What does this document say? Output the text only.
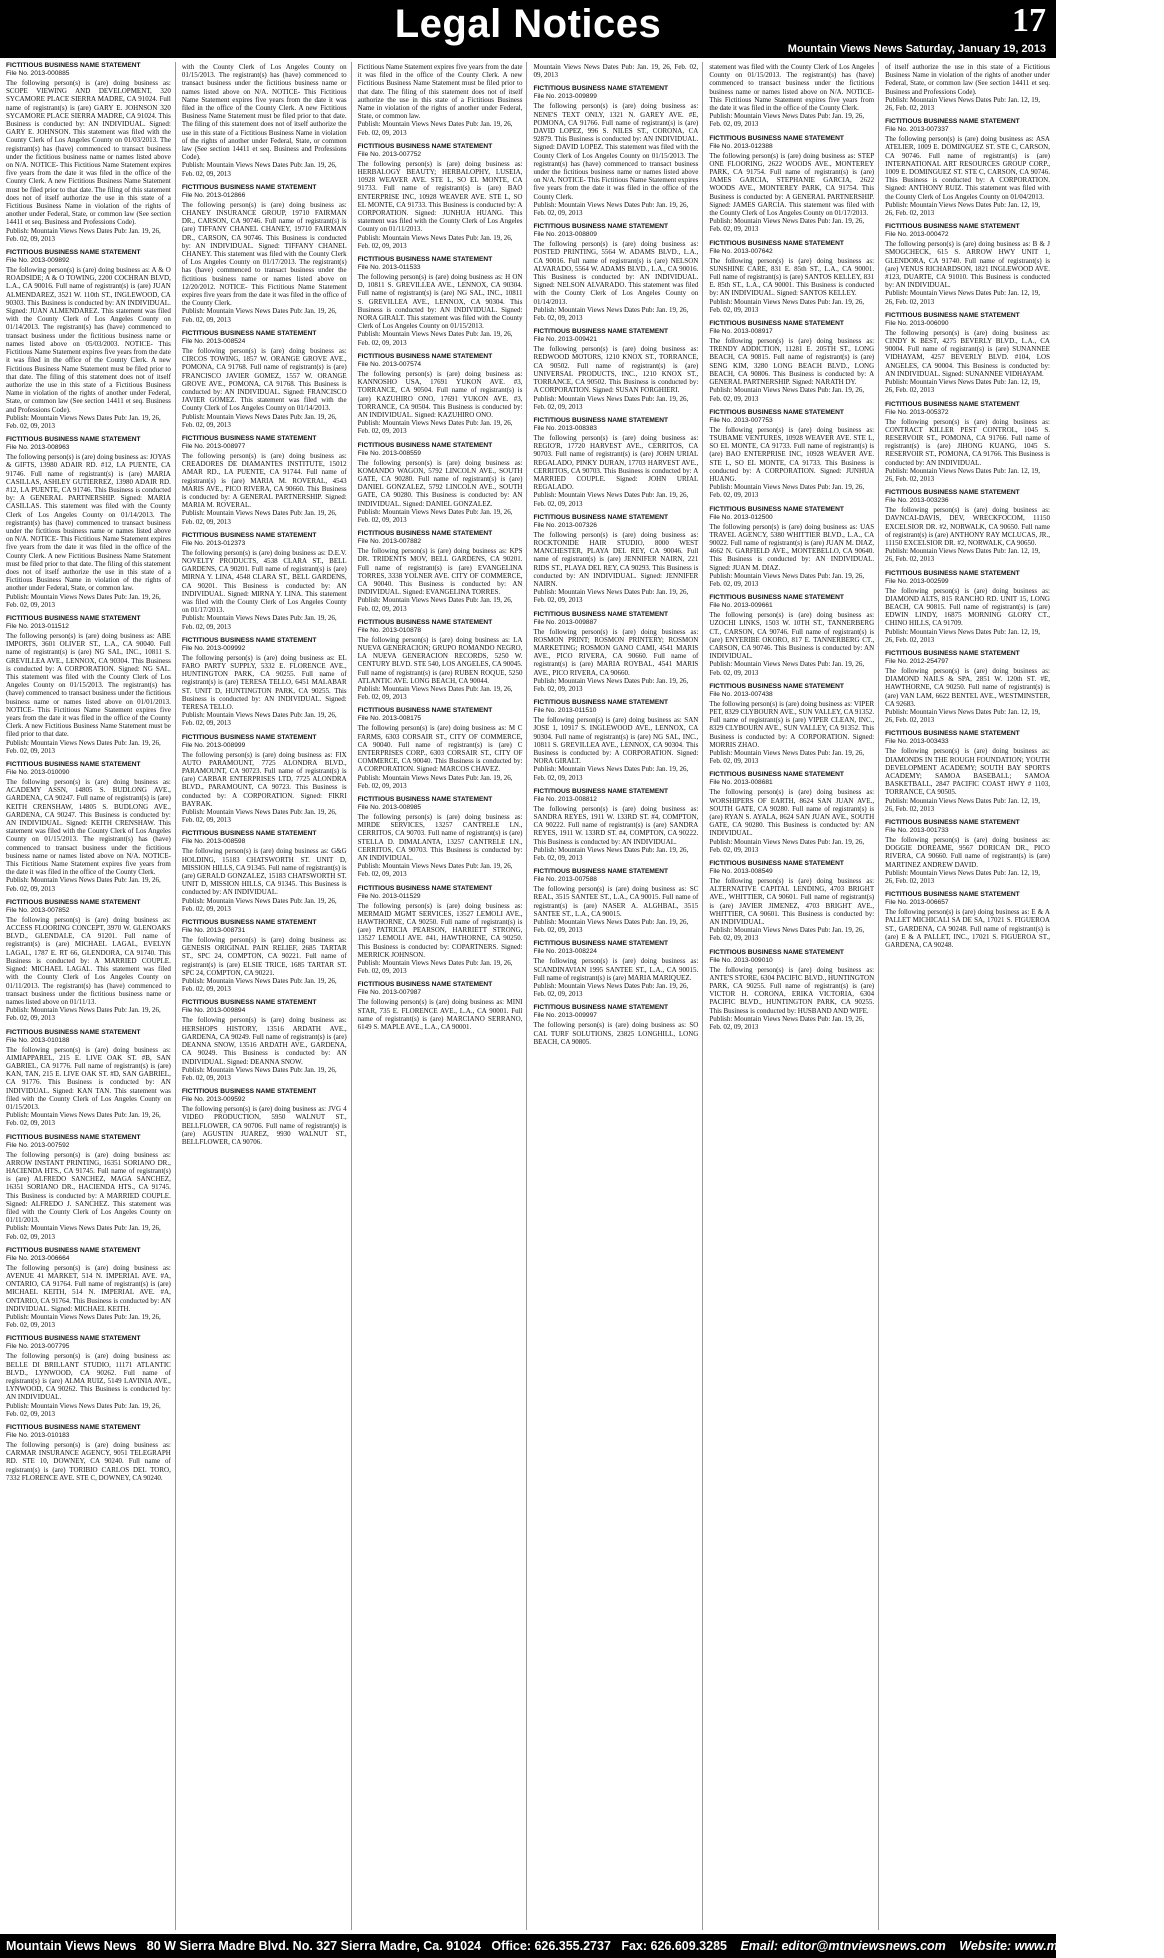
Legal Notices	17
Mountain Views News Saturday, January 19, 2013
FICTITIOUS BUSINESS NAME STATEMENT
File No. 2013-000885
The following person(s) is (are) doing business as: SCOPE VIEWING AND DEVELOPMENT, 320 SYCAMORE PLACE SIERRA MADRE, CA 91024. Full name of registrant(s) is (are) GARY E. JOHNSON 320 SYCAMORE PLACE SIERRA MADRE, CA 91024. This Business is conducted by: AN INDIVIDUAL. Signed: GARY E. JOHNSON. This statement was filed with the County Clerk of Los Angeles County on 01/03/2013. The registrant(s) has (have) commenced to transact business under the fictitious business name or names listed above on N/A. NOTICE- This Fictitious Name Statement expires five years from the date it was filed in the office of the County Clerk. A new Fictitious Business Name Statement must be filed prior to that date. The filing of this statement does not of itself authorize the use in this state of a Fictitious Business Name in violation of the rights of another under Federal, State, or common law (See section 14411 et seq. Business and Professions Code).
Publish: Mountain Views News Dates Pub: Jan. 19, 26, Feb. 02, 09, 2013
FICTITIOUS BUSINESS NAME STATEMENT
File No. 2013-009892
The following person(s) is (are) doing business as: A & O ROADSIDE; A & O TOWING, 2200 COCHRAN BLVD, L.A., CA 90016. Full name of registrant(s) is (are) JUAN ALMENDAREZ, 3521 W. 110th ST., INGLEWOOD, CA 90303. This Business is conducted by: AN INDIVIDUAL. Signed: JUAN ALMENDAREZ. This statement was filed with the County Clerk of Los Angeles County on 01/14/2013. The registrant(s) has (have) commenced to transact business under the fictitious business name or names listed above on 05/03/2003. NOTICE- This Fictitious Name Statement expires five years from the date it was filed in the office of the County Clerk. A new Fictitious Business Name Statement must be filed prior to that date. The filing of this statement does not of itself authorize the use in this state of a Fictitious Business Name in violation of the rights of another under Federal, State, or common law (See section 14411 et seq. Business and Professions Code).
Publish: Mountain Views News Dates Pub: Jan. 19, 26, Feb. 02, 09, 2013
FICTITIOUS BUSINESS NAME STATEMENT
File No. 2013-008963
The following person(s) is (are) doing business as: JOYAS & GIFTS, 13980 ADAIR RD. #12, LA PUENTE, CA 91746. Full name of registrant(s) is (are) MARIA CASILLAS, ASHLEY GUTIERREZ, 13980 ADAIR RD. #12, LA PUENTE, CA 91746. This Business is conducted by: A GENERAL PARTNERSHIP. Signed: MARIA CASILLAS. This statement was filed with the County Clerk of Los Angeles County on 01/14/2013. The registrant(s) has (have) commenced to transact business under the fictitious business name or names listed above on N/A. NOTICE- This Fictitious Name Statement expires five years from the date it was filed in the office of the County Clerk. A new Fictitious Business Name Statement must be filed prior to that date. The filing of this statement does not of itself authorize the use in this state of a Fictitious Business Name in violation of the rights of another under Federal, State, or common law.
Publish: Mountain Views News Dates Pub: Jan. 19, 26, Feb. 02, 09, 2013
FICTITIOUS BUSINESS NAME STATEMENT
File No. 2013-011512
The following person(s) is (are) doing business as: ABE IMPORTS, 3601 OLIVER ST., L.A., CA 90040. Full name of registrant(s) is (are) NG SAL, INC., 10811 S. GREVILLEA AVE., LENNOX, CA 90304. This Business is conducted by: A CORPORATION. Signed: NG SAL. This statement was filed with the County Clerk of Los Angeles County on 01/15/2013. The registrant(s) has (have) commenced to transact business under the fictitious business name or names listed above on 01/01/2013. NOTICE- This Fictitious Name Statement expires five years from the date it was filed in the office of the County Clerk. A new Fictitious Business Name Statement must be filed prior to that date.
Publish: Mountain Views News Dates Pub: Jan. 19, 26, Feb. 02, 09, 2013
FICTITIOUS BUSINESS NAME STATEMENT
File No. 2013-010090
The following person(s) is (are) doing business as: ACADEMY ASSN, 14805 S. BUDLONG AVE., GARDENA, CA 90247. Full name of registrant(s) is (are) KEITH CRENSHAW, 14805 S. BUDLONG AVE., GARDENA, CA 90247. This Business is conducted by: AN INDIVIDUAL. Signed: KEITH CRENSHAW. This statement was filed with the County Clerk of Los Angeles County on 01/15/2013. The registrant(s) has (have) commenced to transact business under the fictitious business name or names listed above on N/A. NOTICE- This Fictitious Name Statement expires five years from the date it was filed in the office of the County Clerk.
Publish: Mountain Views News Dates Pub: Jan. 19, 26, Feb. 02, 09, 2013
FICTITIOUS BUSINESS NAME STATEMENT
File No. 2013-007852
The following person(s) is (are) doing business as: ACCESS FLOORING CONCEPT, 3970 W. GLENOAKS BLVD., GLENDALE, CA 91201. Full name of registrant(s) is (are) MICHAEL LAGAL, EVELYN LAGAL, 1787 E. RT 66, GLENDORA, CA 91740. This Business is conducted by: A MARRIED COUPLE. Signed: MICHAEL LAGAL. This statement was filed with the County Clerk of Los Angeles County on 01/11/2013. The registrant(s) has (have) commenced to transact business under the fictitious business name or names listed above on 01/11/13.
Publish: Mountain Views News Dates Pub: Jan. 19, 26, Feb. 02, 09, 2013
FICTITIOUS BUSINESS NAME STATEMENT
File No. 2013-010188
The following person(s) is (are) doing business as: AIMIAPPAREL, 215 E. LIVE OAK ST. #B, SAN GABRIEL, CA 91776. Full name of registrant(s) is (are) KAN, TAN, 215 E. LIVE OAK ST. #D, SAN GABRIEL, CA 91776. This Business is conducted by: AN INDIVIDUAL. Signed: KAN TAN. This statement was filed with the County Clerk of Los Angeles County on 01/15/2013.
Publish: Mountain Views News Dates Pub: Jan. 19, 26, Feb. 02, 09, 2013
FICTITIOUS BUSINESS NAME STATEMENT
File No. 2013-007592
The following person(s) is (are) doing business as: ARROW INSTANT PRINTING, 16351 SORIANO DR., HACIENDA HTS., CA 91745. Full name of registrant(s) is (are) ALFREDO SANCHEZ, MAGA SANCHEZ, 16351 SORIANO DR., HACIENDA HTS., CA 91745. This Business is conducted by: A MARRIED COUPLE. Signed: ALFREDO J. SANCHEZ. This statement was filed with the County Clerk of Los Angeles County on 01/11/2013.
Publish: Mountain Views News Dates Pub: Jan. 19, 26, Feb. 02, 09, 2013
FICTITIOUS BUSINESS NAME STATEMENT
File No. 2013-006664
The following person(s) is (are) doing business as: AVENUE 41 MARKET, 514 N. IMPERIAL AVE. #A, ONTARIO, CA 91764. Full name of registrant(s) is (are) MICHAEL KEITH, 514 N. IMPERIAL AVE. #A, ONTARIO, CA 91764. This Business is conducted by: AN INDIVIDUAL. Signed: MICHAEL KEITH.
Publish: Mountain Views News Dates Pub: Jan. 19, 26, Feb. 02, 09, 2013
FICTITIOUS BUSINESS NAME STATEMENT
File No. 2013-007795
The following person(s) is (are) doing business as: BELLE DI BRILLANT STUDIO, 11171 ATLANTIC BLVD., LYNWOOD, CA 90262. Full name of registrant(s) is (are) ALMA RUIZ, 5149 LAVINIA AVE., LYNWOOD, CA 90262. This Business is conducted by: AN INDIVIDUAL.
Publish: Mountain Views News Dates Pub: Jan. 19, 26, Feb. 02, 09, 2013
FICTITIOUS BUSINESS NAME STATEMENT
File No. 2013-010183
The following person(s) is (are) doing business as: CARMAR INSURANCE AGENCY, 9051 TELEGRAPH RD. STE 10, DOWNEY, CA 90240. Full name of registrant(s) is (are) TORIBIO CARLOS DEL TORO, 7332 FLORENCE AVE. STE C, DOWNEY, CA 90240.
with the County Clerk of Los Angeles County on 01/15/2013. The registrant(s) has (have) commenced to transact business under the fictitious business name or names listed above on N/A. NOTICE- This Fictitious Name Statement expires five years from the date it was filed in the office of the County Clerk. A new Fictitious Business Name Statement must be filed prior to that date. The filing of this statement does not of itself authorize the use in this state of a Fictitious Business Name in violation of the rights of another under Federal, State, or common law (See section 14411 et seq. Business and Professions Code).
Publish: Mountain Views News Dates Pub: Jan. 19, 26, Feb. 02, 09, 2013
FICTITIOUS BUSINESS NAME STATEMENT
File No. 2013-012866
The following person(s) is (are) doing business as: CHANEY INSURANCE GROUP, 19710 FAIRMAN DR., CARSON, CA 90746. Full name of registrant(s) is (are) TIFFANY CHANEL CHANEY, 19710 FAIRMAN DR., CARSON, CA 90746. This Business is conducted by: AN INDIVIDUAL. Signed: TIFFANY CHANEL CHANEY. This statement was filed with the County Clerk of Los Angeles County on 01/17/2013. The registrant(s) has (have) commenced to transact business under the fictitious business name or names listed above on 12/20/2012. NOTICE- This Fictitious Name Statement expires five years from the date it was filed in the office of the County Clerk.
Publish: Mountain Views News Dates Pub: Jan. 19, 26, Feb. 02, 09, 2013
FICTITIOUS BUSINESS NAME STATEMENT
File No. 2013-008524
The following person(s) is (are) doing business as: CIRCOS TOWING, 1857 W. ORANGE GROVE AVE., POMONA, CA 91768. Full name of registrant(s) is (are) FRANCISCO JAVIER GOMEZ, 1557 W. ORANGE GROVE AVE., POMONA, CA 91768. This Business is conducted by: AN INDIVIDUAL. Signed: FRANCISCO JAVIER GOMEZ. This statement was filed with the County Clerk of Los Angeles County on 01/14/2013.
Publish: Mountain Views News Dates Pub: Jan. 19, 26, Feb. 02, 09, 2013
FICTITIOUS BUSINESS NAME STATEMENT
File No. 2013-008977
The following person(s) is (are) doing business as: CREADORES DE DIAMANTES INSTITUTE, 15012 AMAR RD., LA PUENTE, CA 91744. Full name of registrant(s) is (are) MARIA M. ROVERAL, 4543 MARIS AVE., PICO RIVERA, CA 90660. This Business is conducted by: A GENERAL PARTNERSHIP. Signed: MARIA M. ROVERAL.
Publish: Mountain Views News Dates Pub: Jan. 19, 26, Feb. 02, 09, 2013
FICTITIOUS BUSINESS NAME STATEMENT
File No. 2013-012373
The following person(s) is (are) doing business as: D.E.V. NOVELTY PRODUCTS, 4538 CLARA ST., BELL GARDENS, CA 90201. Full name of registrant(s) is (are) MIRNA Y. LINA, 4548 CLARA ST., BELL GARDENS, CA 90201. This Business is conducted by: AN INDIVIDUAL. Signed: MIRNA Y. LINA. This statement was filed with the County Clerk of Los Angeles County on 01/17/2013.
Publish: Mountain Views News Dates Pub: Jan. 19, 26, Feb. 02, 09, 2013
FICTITIOUS BUSINESS NAME STATEMENT
File No. 2013-009992
The following person(s) is (are) doing business as: EL FARO PARTY SUPPLY, 5332 E. FLORENCE AVE., HUNTINGTON PARK, CA 90255. Full name of registrant(s) is (are) TERESA TELLO, 6451 MALABAR ST. UNIT D, HUNTINGTON PARK, CA 90255. This Business is conducted by: AN INDIVIDUAL. Signed: TERESA TELLO.
Publish: Mountain Views News Dates Pub: Jan. 19, 26, Feb. 02, 09, 2013
FICTITIOUS BUSINESS NAME STATEMENT
File No. 2013-008999
The following person(s) is (are) doing business as: FIX AUTO PARAMOUNT, 7725 ALONDRA BLVD., PARAMOUNT, CA 90723. Full name of registrant(s) is (are) CARBAR ENTERPRISES LTD, 7725 ALONDRA BLVD., PARAMOUNT, CA 90723. This Business is conducted by: A CORPORATION. Signed: FIKRI BAYRAK.
Publish: Mountain Views News Dates Pub: Jan. 19, 26, Feb. 02, 09, 2013
FICTITIOUS BUSINESS NAME STATEMENT
File No. 2013-008598
The following person(s) is (are) doing business as: G&G HOLDING, 15183 CHATSWORTH ST. UNIT D, MISSION HILLS, CA 91345. Full name of registrant(s) is (are) GERALD GONZALEZ, 15183 CHATSWORTH ST. UNIT D, MISSION HILLS, CA 91345. This Business is conducted by: AN INDIVIDUAL.
Publish: Mountain Views News Dates Pub: Jan. 19, 26, Feb. 02, 09, 2013
FICTITIOUS BUSINESS NAME STATEMENT
File No. 2013-008731
The following person(s) is (are) doing business as: GENESIS ORIGINAL PAIN RELIEF, 2685 TARTAR ST., SPC 24, COMPTON, CA 90221. Full name of registrant(s) is (are) ELSIE TRICE, 1685 TARTAR ST. SPC 24, COMPTON, CA 90221.
Publish: Mountain Views News Dates Pub: Jan. 19, 26, Feb. 02, 09, 2013
FICTITIOUS BUSINESS NAME STATEMENT
File No. 2013-009894
The following person(s) is (are) doing business as: HERSHOPS HISTORY, 13516 ARDATH AVE., GARDENA, CA 90249. Full name of registrant(s) is (are) DEANNA SNOW, 13516 ARDATH AVE., GARDENA, CA 90249. This Business is conducted by: AN INDIVIDUAL. Signed: DEANNA SNOW.
Publish: Mountain Views News Dates Pub: Jan. 19, 26, Feb. 02, 09, 2013
FICTITIOUS BUSINESS NAME STATEMENT
File No. 2013-009592
The following person(s) is (are) doing business as: JVG 4 VIDEO PRODUCTION, 5950 WALNUT ST., BELLFLOWER, CA 90706. Full name of registrant(s) is (are) AGUSTIN JUAREZ, 9930 WALNUT ST., BELLFLOWER, CA 90706.
Fictitious Name Statement expires five years from the date it was filed in the office of the County Clerk. A new Fictitious Business Name Statement must be filed prior to that date. The filing of this statement does not of itself authorize the use in this state of a Fictitious Business Name in violation of the rights of another under Federal, State, or common law.
Publish: Mountain Views News Dates Pub: Jan. 19, 26, Feb. 02, 09, 2013
FICTITIOUS BUSINESS NAME STATEMENT
File No. 2013-007752
The following person(s) is (are) doing business as: HERBALOGY BEAUTY; HERBALOPHY, LUSEIA, 10928 WEAVER AVE. STE L, SO EL MONTE, CA 91733. Full name of registrant(s) is (are) BAO ENTERPRISE INC, 10928 WEAVER AVE. STE L, SO EL MONTE, CA 91733. This Business is conducted by: A CORPORATION. Signed: JUNHUA HUANG. This statement was filed with the County Clerk of Los Angeles County on 01/11/2013.
Publish: Mountain Views News Dates Pub: Jan. 19, 26, Feb. 02, 09, 2013
FICTITIOUS BUSINESS NAME STATEMENT
File No. 2013-011533
The following person(s) is (are) doing business as: H ON D, 10811 S. GREVILLEA AVE., LENNOX, CA 90304. Full name of registrant(s) is (are) NG SAL, INC., 10811 S. GREVILLEA AVE., LENNOX, CA 90304. This Business is conducted by: AN INDIVIDUAL. Signed: NORA GIRALT. This statement was filed with the County Clerk of Los Angeles County on 01/15/2013.
Publish: Mountain Views News Dates Pub: Jan. 19, 26, Feb. 02, 09, 2013
FICTITIOUS BUSINESS NAME STATEMENT
File No. 2013-007574
The following person(s) is (are) doing business as: KANNOSHO USA, 17691 YUKON AVE. #3, TORRANCE, CA 90504. Full name of registrant(s) is (are) KAZUHIRO ONO, 17691 YUKON AVE. #3, TORRANCE, CA 90504. This Business is conducted by: AN INDIVIDUAL. Signed: KAZUHIRO ONO.
Publish: Mountain Views News Dates Pub: Jan. 19, 26, Feb. 02, 09, 2013
FICTITIOUS BUSINESS NAME STATEMENT
File No. 2013-008559
The following person(s) is (are) doing business as: KOMANDO WAGON, 5792 LINCOLN AVE., SOUTH GATE, CA 90280. Full name of registrant(s) is (are) DANIEL GONZALEZ, 5792 LINCOLN AVE., SOUTH GATE, CA 90280. This Business is conducted by: AN INDIVIDUAL. Signed: DANIEL GONZALEZ.
Publish: Mountain Views News Dates Pub: Jan. 19, 26, Feb. 02, 09, 2013
FICTITIOUS BUSINESS NAME STATEMENT
File No. 2013-007882
The following person(s) is (are) doing business as: KPS DR. TRIDENTS MOV, BELL GARDENS, CA 90201. Full name of registrant(s) is (are) EVANGELINA TORRES, 3338 YOLNER AVE. CITY OF COMMERCE, CA 90040. This Business is conducted by: AN INDIVIDUAL. Signed: EVANGELINA TORRES.
Publish: Mountain Views News Dates Pub: Jan. 19, 26, Feb. 02, 09, 2013
FICTITIOUS BUSINESS NAME STATEMENT
File No. 2013-010878
The following person(s) is (are) doing business as: LA NUEVA GENERACION; GRUPO ROMANDO NEGRO, LA NUEVA GENERACION RECORDS, 5250 W. CENTURY BLVD. STE 540, LOS ANGELES, CA 90045. Full name of registrant(s) is (are) RUBEN ROQUE, 5250 ATLANTIC AVE. LONG BEACH, CA 90044.
Publish: Mountain Views News Dates Pub: Jan. 19, 26, Feb. 02, 09, 2013
FICTITIOUS BUSINESS NAME STATEMENT
File No. 2013-008175
The following person(s) is (are) doing business as: M C FARMS, 6303 CORSAIR ST., CITY OF COMMERCE, CA 90040. Full name of registrant(s) is (are) C ENTERPRISES CORP., 6303 CORSAIR ST., CITY OF COMMERCE, CA 90040. This Business is conducted by: A CORPORATION. Signed: MARCOS CHAVEZ.
Publish: Mountain Views News Dates Pub: Jan. 19, 26, Feb. 02, 09, 2013
FICTITIOUS BUSINESS NAME STATEMENT
File No. 2013-008985
The following person(s) is (are) doing business as: MIRDE SERVICES, 13257 CANTRELE LN., CERRITOS, CA 90703. Full name of registrant(s) is (are) STELLA D. DIMALANTA, 13257 CANTRELE LN., CERRITOS, CA 90703. This Business is conducted by: AN INDIVIDUAL.
Publish: Mountain Views News Dates Pub: Jan. 19, 26, Feb. 02, 09, 2013
FICTITIOUS BUSINESS NAME STATEMENT
File No. 2013-011529
The following person(s) is (are) doing business as: MERMAID MGMT SERVICES, 13527 LEMOLI AVE., HAWTHORNE, CA 90250. Full name of registrant(s) is (are) PATRICIA PEARSON, HARRIETT STRONG, 13527 LEMOLI AVE. #41, HAWTHORNE, CA 90250. This Business is conducted by: COPARTNERS. Signed: MERRICK JOHNSON.
Publish: Mountain Views News Dates Pub: Jan. 19, 26, Feb. 02, 09, 2013
FICTITIOUS BUSINESS NAME STATEMENT
File No. 2013-007987
The following person(s) is (are) doing business as: MINI STAR, 735 E. FLORENCE AVE., L.A., CA 90001. Full name of registrant(s) is (are) MARCIANO SERRANO, 6149 S. MAPLE AVE., L.A., CA 90001.
Mountain Views News Dates Pub: Jan. 19, 26, Feb. 02, 09, 2013
FICTITIOUS BUSINESS NAME STATEMENT
File No. 2013-009899
The following person(s) is (are) doing business as: NENE'S TEXT ONLY, 1321 N. GAREY AVE. #E, POMONA, CA 91766. Full name of registrant(s) is (are) DAVID LOPEZ, 996 S. NILES ST., CORONA, CA 92879. This Business is conducted by: AN INDIVIDUAL. Signed: DAVID LOPEZ. This statement was filed with the County Clerk of Los Angeles County on 01/15/2013. The registrant(s) has (have) commenced to transact business under the fictitious business name or names listed above on N/A. NOTICE- This Fictitious Name Statement expires five years from the date it was filed in the office of the County Clerk.
Publish: Mountain Views News Dates Pub: Jan. 19, 26, Feb. 02, 09, 2013
FICTITIOUS BUSINESS NAME STATEMENT
File No. 2013-008809
The following person(s) is (are) doing business as: POSTED PRINTING, 5564 W. ADAMS BLVD., L.A., CA 90016. Full name of registrant(s) is (are) NELSON ALVARADO, 5564 W. ADAMS BLVD., L.A., CA 90016. This Business is conducted by: AN INDIVIDUAL. Signed: NELSON ALVARADO. This statement was filed with the County Clerk of Los Angeles County on 01/14/2013.
Publish: Mountain Views News Dates Pub: Jan. 19, 26, Feb. 02, 09, 2013
FICTITIOUS BUSINESS NAME STATEMENT
File No. 2013-009421
The following person(s) is (are) doing business as: REDWOOD MOTORS, 1210 KNOX ST., TORRANCE, CA 90502. Full name of registrant(s) is (are) UNIVERSAL PRODUCTS, INC., 1210 KNOX ST., TORRANCE, CA 90502. This Business is conducted by: A CORPORATION. Signed: SUSAN FORGHIERI.
Publish: Mountain Views News Dates Pub: Jan. 19, 26, Feb. 02, 09, 2013
FICTITIOUS BUSINESS NAME STATEMENT
File No. 2013-008383
The following person(s) is (are) doing business as: REGIO'R, 17720 HARVEST AVE., CERRITOS, CA 90703. Full name of registrant(s) is (are) JOHN URIAL REGALADO, PINKY DURAN, 17703 HARVEST AVE., CERRITOS, CA 90703. This Business is conducted by: A MARRIED COUPLE. Signed: JOHN URIAL REGALADO.
Publish: Mountain Views News Dates Pub: Jan. 19, 26, Feb. 02, 09, 2013
FICTITIOUS BUSINESS NAME STATEMENT
File No. 2013-007326
The following person(s) is (are) doing business as: ROCKTONIDE HAIR STUDIO, 8000 WEST MANCHESTER, PLAYA DEL REY, CA 90046. Full name of registrant(s) is (are) JENNIFER NAIRN, 221 RIDS ST., PLAYA DEL REY, CA 90293. This Business is conducted by: AN INDIVIDUAL. Signed: JENNIFER NAIRN.
Publish: Mountain Views News Dates Pub: Jan. 19, 26, Feb. 02, 09, 2013
FICTITIOUS BUSINESS NAME STATEMENT
File No. 2013-009887
The following person(s) is (are) doing business as: ROSMON PRINT; ROSMON PRINTERY; ROSMON MARKETING; ROSMON GANO CAMI, 4541 MARIS AVE., PICO RIVERA, CA 90660. Full name of registrant(s) is (are) MARIA ROYBAL, 4541 MARIS AVE., PICO RIVERA, CA 90660.
Publish: Mountain Views News Dates Pub: Jan. 19, 26, Feb. 02, 09, 2013
FICTITIOUS BUSINESS NAME STATEMENT
File No. 2013-011510
The following person(s) is (are) doing business as: SAN JOSE 1, 10917 S. INGLEWOOD AVE., LENNOX, CA 90304. Full name of registrant(s) is (are) NG SAL, INC., 10811 S. GREVILLEA AVE., LENNOX, CA 90304. This Business is conducted by: A CORPORATION. Signed: NORA GIRALT.
Publish: Mountain Views News Dates Pub: Jan. 19, 26, Feb. 02, 09, 2013
FICTITIOUS BUSINESS NAME STATEMENT
File No. 2013-008812
The following person(s) is (are) doing business as: SANDRA REYES, 1911 W. 133RD ST. #4, COMPTON, CA 90222. Full name of registrant(s) is (are) SANDRA REYES, 1911 W. 133RD ST. #4, COMPTON, CA 90222. This Business is conducted by: AN INDIVIDUAL.
Publish: Mountain Views News Dates Pub: Jan. 19, 26, Feb. 02, 09, 2013
FICTITIOUS BUSINESS NAME STATEMENT
File No. 2013-007588
The following person(s) is (are) doing business as: SC REAL, 3515 SANTEE ST., L.A., CA 90015. Full name of registrant(s) is (are) NASER A. ALGHBAL, 3515 SANTEE ST., L.A., CA 90015.
Publish: Mountain Views News Dates Pub: Jan. 19, 26, Feb. 02, 09, 2013
FICTITIOUS BUSINESS NAME STATEMENT
File No. 2013-008224
The following person(s) is (are) doing business as: SCANDINAVIAN 1995 SANTEE ST., L.A., CA 90015. Full name of registrant(s) is (are) MARIA MARIQUEZ.
Publish: Mountain Views News Dates Pub: Jan. 19, 26, Feb. 02, 09, 2013
FICTITIOUS BUSINESS NAME STATEMENT
File No. 2013-009997
The following person(s) is (are) doing business as: SO CAL TURF SOLUTIONS, 23825 LONGHILL, LONG BEACH, CA 90805.
statement was filed with the County Clerk of Los Angeles County on 01/15/2013. The registrant(s) has (have) commenced to transact business under the fictitious business name or names listed above on N/A. NOTICE- This Fictitious Name Statement expires five years from the date it was filed in the office of the County Clerk.
Publish: Mountain Views News Dates Pub: Jan. 19, 26, Feb. 02, 09, 2013
FICTITIOUS BUSINESS NAME STATEMENT
File No. 2013-012388
The following person(s) is (are) doing business as: STEP ONE FLOORING, 2622 WOODS AVE., MONTEREY PARK, CA 91754. Full name of registrant(s) is (are) JAMES GARCIA, STEPHANIE GARCIA, 2622 WOODS AVE., MONTEREY PARK, CA 91754. This Business is conducted by: A GENERAL PARTNERSHIP. Signed: JAMES GARCIA. This statement was filed with the County Clerk of Los Angeles County on 01/17/2013.
Publish: Mountain Views News Dates Pub: Jan. 19, 26, Feb. 02, 09, 2013
FICTITIOUS BUSINESS NAME STATEMENT
File No. 2013-007642
The following person(s) is (are) doing business as: SUNSHINE CARE, 831 E. 85th ST., L.A., CA 90001. Full name of registrant(s) is (are) SANTOS KELLEY, 831 E. 85th ST., L.A., CA 90001. This Business is conducted by: AN INDIVIDUAL. Signed: SANTOS KELLEY.
Publish: Mountain Views News Dates Pub: Jan. 19, 26, Feb. 02, 09, 2013
FICTITIOUS BUSINESS NAME STATEMENT
File No. 2013-008917
The following person(s) is (are) doing business as: TRENDY ADDICTION, 11281 E. 205TH ST., LONG BEACH, CA 90815. Full name of registrant(s) is (are) SENG KIM, 3280 LONG BEACH BLVD., LONG BEACH, CA 90806. This Business is conducted by: A GENERAL PARTNERSHIP. Signed: NARATH DY.
Publish: Mountain Views News Dates Pub: Jan. 19, 26, Feb. 02, 09, 2013
FICTITIOUS BUSINESS NAME STATEMENT
File No. 2013-007753
The following person(s) is (are) doing business as: TSUBAME VENTURES, 10928 WEAVER AVE. STE L, SO EL MONTE, CA 91733. Full name of registrant(s) is (are) BAO ENTERPRISE INC, 10928 WEAVER AVE. STE L, SO EL MONTE, CA 91733. This Business is conducted by: A CORPORATION. Signed: JUNHUA HUANG.
Publish: Mountain Views News Dates Pub: Jan. 19, 26, Feb. 02, 09, 2013
FICTITIOUS BUSINESS NAME STATEMENT
File No. 2013-012500
The following person(s) is (are) doing business as: UAS TRAVEL AGENCY, 5380 WHITTIER BLVD., L.A., CA 90022. Full name of registrant(s) is (are) JUAN M. DIAZ, 4662 N. GARFIELD AVE., MONTEBELLO, CA 90640. This Business is conducted by: AN INDIVIDUAL. Signed: JUAN M. DIAZ.
Publish: Mountain Views News Dates Pub: Jan. 19, 26, Feb. 02, 09, 2013
FICTITIOUS BUSINESS NAME STATEMENT
File No. 2013-009661
The following person(s) is (are) doing business as: UZOCHI LINKS, 1503 W. 10TH ST., TANNERBERG CT., CARSON, CA 90746. Full name of registrant(s) is (are) ENYERIBE OKORO, 817 E. TANNERBERG CT., CARSON, CA 90746. This Business is conducted by: AN INDIVIDUAL.
Publish: Mountain Views News Dates Pub: Jan. 19, 26, Feb. 02, 09, 2013
FICTITIOUS BUSINESS NAME STATEMENT
File No. 2013-007438
The following person(s) is (are) doing business as: VIPER PET, 8329 CLYBOURN AVE., SUN VALLEY, CA 91352. Full name of registrant(s) is (are) VIPER CLEAN, INC., 8329 CLYBOURN AVE., SUN VALLEY, CA 91352. This Business is conducted by: A CORPORATION. Signed: MORRIS ZHAO.
Publish: Mountain Views News Dates Pub: Jan. 19, 26, Feb. 02, 09, 2013
FICTITIOUS BUSINESS NAME STATEMENT
File No. 2013-008681
The following person(s) is (are) doing business as: WORSHIPERS OF EARTH, 8624 SAN JUAN AVE., SOUTH GATE, CA 90280. Full name of registrant(s) is (are) RYAN S. AYALA, 8624 SAN JUAN AVE., SOUTH GATE, CA 90280. This Business is conducted by: AN INDIVIDUAL.
Publish: Mountain Views News Dates Pub: Jan. 19, 26, Feb. 02, 09, 2013
FICTITIOUS BUSINESS NAME STATEMENT
File No. 2013-008549
The following person(s) is (are) doing business as: ALTERNATIVE CAPITAL LENDING, 4703 BRIGHT AVE., WHITTIER, CA 90601. Full name of registrant(s) is (are) JAVIER JIMENEZ, 4703 BRIGHT AVE., WHITTIER, CA 90601. This Business is conducted by: AN INDIVIDUAL.
Publish: Mountain Views News Dates Pub: Jan. 19, 26, Feb. 02, 09, 2013
FICTITIOUS BUSINESS NAME STATEMENT
File No. 2013-009010
The following person(s) is (are) doing business as: ANTE'S STORE, 6304 PACIFIC BLVD., HUNTINGTON PARK, CA 90255. Full name of registrant(s) is (are) VICTOR H. CORONA, ERIKA VICTORIA, 6304 PACIFIC BLVD., HUNTINGTON PARK, CA 90255. This Business is conducted by: HUSBAND AND WIFE.
Publish: Mountain Views News Dates Pub: Jan. 19, 26, Feb. 02, 09, 2013
of itself authorize the use in this state of a Fictitious Business Name in violation of the rights of another under Federal, State, or common law (See section 14411 et seq. Business and Professions Code).
Publish: Mountain Views News Dates Pub: Jan. 12, 19, 26, Feb. 02, 2013
FICTITIOUS BUSINESS NAME STATEMENT
File No. 2013-007337
The following person(s) is (are) doing business as: ASA ATELIER, 1009 E. DOMINGUEZ ST. STE C, CARSON, CA 90746. Full name of registrant(s) is (are) INTERNATIONAL ART RESOURCES GROUP CORP., 1009 E. DOMINGUEZ ST. STE C, CARSON, CA 90746. This Business is conducted by: A CORPORATION. Signed: ANTHONY RUIZ. This statement was filed with the County Clerk of Los Angeles County on 01/04/2013.
Publish: Mountain Views News Dates Pub: Jan. 12, 19, 26, Feb. 02, 2013
FICTITIOUS BUSINESS NAME STATEMENT
File No. 2013-000472
The following person(s) is (are) doing business as: B & J SMOGCHECK, 615 S. ARROW HWY UNIT 1, GLENDORA, CA 91740. Full name of registrant(s) is (are) VENUS RICHARDSON, 1821 INGLEWOOD AVE. #123, DUARTE, CA 91010. This Business is conducted by: AN INDIVIDUAL.
Publish: Mountain Views News Dates Pub: Jan. 12, 19, 26, Feb. 02, 2013
FICTITIOUS BUSINESS NAME STATEMENT
File No. 2013-006090
The following person(s) is (are) doing business as: CINDY K BEST, 4275 BEVERLY BLVD., L.A., CA 90004. Full name of registrant(s) is (are) SUNANNEE VIDHAYAM, 4257 BEVERLY BLVD. #104, LOS ANGELES, CA 90004. This Business is conducted by: AN INDIVIDUAL. Signed: SUNANNEE VIDHAYAM.
Publish: Mountain Views News Dates Pub: Jan. 12, 19, 26, Feb. 02, 2013
FICTITIOUS BUSINESS NAME STATEMENT
File No. 2013-005372
The following person(s) is (are) doing business as: CONTRACT KILLER PEST CONTROL, 1045 S. RESERVOIR ST., POMONA, CA 91766. Full name of registrant(s) is (are) JIHONG KUANG, 1045 S. RESERVOIR ST., POMONA, CA 91766. This Business is conducted by: AN INDIVIDUAL.
Publish: Mountain Views News Dates Pub: Jan. 12, 19, 26, Feb. 02, 2013
FICTITIOUS BUSINESS NAME STATEMENT
File No. 2013-003236
The following person(s) is (are) doing business as: DAVNCAI-DAVIS, DEV, WRECKFOCOM, 11150 EXCELSIOR DR. #2, NORWALK, CA 90650. Full name of registrant(s) is (are) ANTHONY RAY MCLUCAS, JR., 11150 EXCELSIOR DR. #2, NORWALK, CA 90650.
Publish: Mountain Views News Dates Pub: Jan. 12, 19, 26, Feb. 02, 2013
FICTITIOUS BUSINESS NAME STATEMENT
File No. 2013-002599
The following person(s) is (are) doing business as: DIAMOND ALTS, 815 RANCHO RD. UNIT 15, LONG BEACH, CA 90815. Full name of registrant(s) is (are) EDWIN LINDY, 16875 MORNING GLORY CT., CHINO HILLS, CA 91709.
Publish: Mountain Views News Dates Pub: Jan. 12, 19, 26, Feb. 02, 2013
FICTITIOUS BUSINESS NAME STATEMENT
File No. 2012-254797
The following person(s) is (are) doing business as: DIAMOND NAILS & SPA, 2851 W. 120th ST. #E, HAWTHORNE, CA 90250. Full name of registrant(s) is (are) VAN LAM, 6622 BENTEL AVE., WESTMINSTER, CA 92683.
Publish: Mountain Views News Dates Pub: Jan. 12, 19, 26, Feb. 02, 2013
FICTITIOUS BUSINESS NAME STATEMENT
File No. 2013-003433
The following person(s) is (are) doing business as: DIAMONDS IN THE ROUGH FOUNDATION; YOUTH DEVELOPMENT ACADEMY; SOUTH BAY SPORTS ACADEMY; SAMOA BASEBALL; SAMOA BASKETBALL, 2847 PACIFIC COAST HWY # 1103, TORRANCE, CA 90505.
Publish: Mountain Views News Dates Pub: Jan. 12, 19, 26, Feb. 02, 2013
FICTITIOUS BUSINESS NAME STATEMENT
File No. 2013-001733
The following person(s) is (are) doing business as: DOGGIE DOREAME, 9567 DORICAN DR., PICO RIVERA, CA 90660. Full name of registrant(s) is (are) MARTINEZ ANDREW DAVID.
Publish: Mountain Views News Dates Pub: Jan. 12, 19, 26, Feb. 02, 2013
FICTITIOUS BUSINESS NAME STATEMENT
File No. 2013-006657
The following person(s) is (are) doing business as: E & A PALLET MICHICALI SA DE SA, 17021 S. FIGUEROA ST., GARDENA, CA 90248. Full name of registrant(s) is (are) E & A PALLET, INC., 17021 S. FIGUEROA ST., GARDENA, CA 90248.
Mountain Views News 80 W Sierra Madre Blvd. No. 327 Sierra Madre, Ca. 91024 Office: 626.355.2737 Fax: 626.609.3285 Email: editor@mtnviewsnews.com Website: www.mtnviewsnews.com
